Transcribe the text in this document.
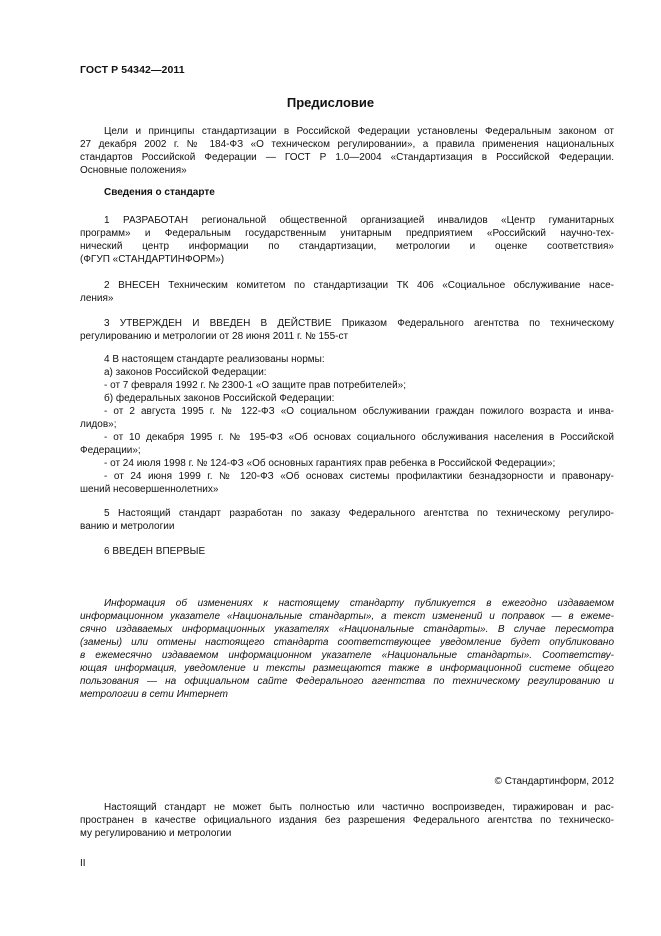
ГОСТ Р 54342—2011
Предисловие
Цели и принципы стандартизации в Российской Федерации установлены Федеральным законом от
27 декабря 2002 г. № 184-ФЗ «О техническом регулировании», а правила применения национальных
стандартов Российской Федерации — ГОСТ Р 1.0—2004 «Стандартизация в Российской Федерации.
Основные положения»
Сведения о стандарте
1 РАЗРАБОТАН региональной общественной организацией инвалидов «Центр гуманитарных
программ» и Федеральным государственным унитарным предприятием «Российский научно-тех-
нический центр информации по стандартизации, метрологии и оценке соответствия»
(ФГУП «СТАНДАРТИНФОРМ»)
2 ВНЕСЕН Техническим комитетом по стандартизации ТК 406 «Социальное обслуживание насе-
ления»
3 УТВЕРЖДЕН И ВВЕДЕН В ДЕЙСТВИЕ Приказом Федерального агентства по техническому
регулированию и метрологии от 28 июня 2011 г. № 155-ст
4 В настоящем стандарте реализованы нормы:
а) законов Российской Федерации:
- от 7 февраля 1992 г. № 2300-1 «О защите прав потребителей»;
б) федеральных законов Российской Федерации:
- от 2 августа 1995 г. № 122-ФЗ «О социальном обслуживании граждан пожилого возраста и инва-
лидов»;
- от 10 декабря 1995 г. № 195-ФЗ «Об основах социального обслуживания населения в Российской
Федерации»;
- от 24 июля 1998 г. № 124-ФЗ «Об основных гарантиях прав ребенка в Российской Федерации»;
- от 24 июня 1999 г. № 120-ФЗ «Об основах системы профилактики безнадзорности и правонару-
шений несовершеннолетних»
5 Настоящий стандарт разработан по заказу Федерального агентства по техническому регулиро-
ванию и метрологии
6 ВВЕДЕН ВПЕРВЫЕ
Информация об изменениях к настоящему стандарту публикуется в ежегодно издаваемом
информационном указателе «Национальные стандарты», а текст изменений и поправок — в ежеме-
сячно издаваемых информационных указателях «Национальные стандарты». В случае пересмотра
(замены) или отмены настоящего стандарта соответствующее уведомление будет опубликовано
в ежемесячно издаваемом информационном указателе «Национальные стандарты». Соответству-
ющая информация, уведомление и тексты размещаются также в информационной системе общего
пользования — на официальном сайте Федерального агентства по техническому регулированию и
метрологии в сети Интернет
© Стандартинформ, 2012
Настоящий стандарт не может быть полностью или частично воспроизведен, тиражирован и рас-
пространен в качестве официального издания без разрешения Федерального агентства по техническо-
му регулированию и метрологии
II
